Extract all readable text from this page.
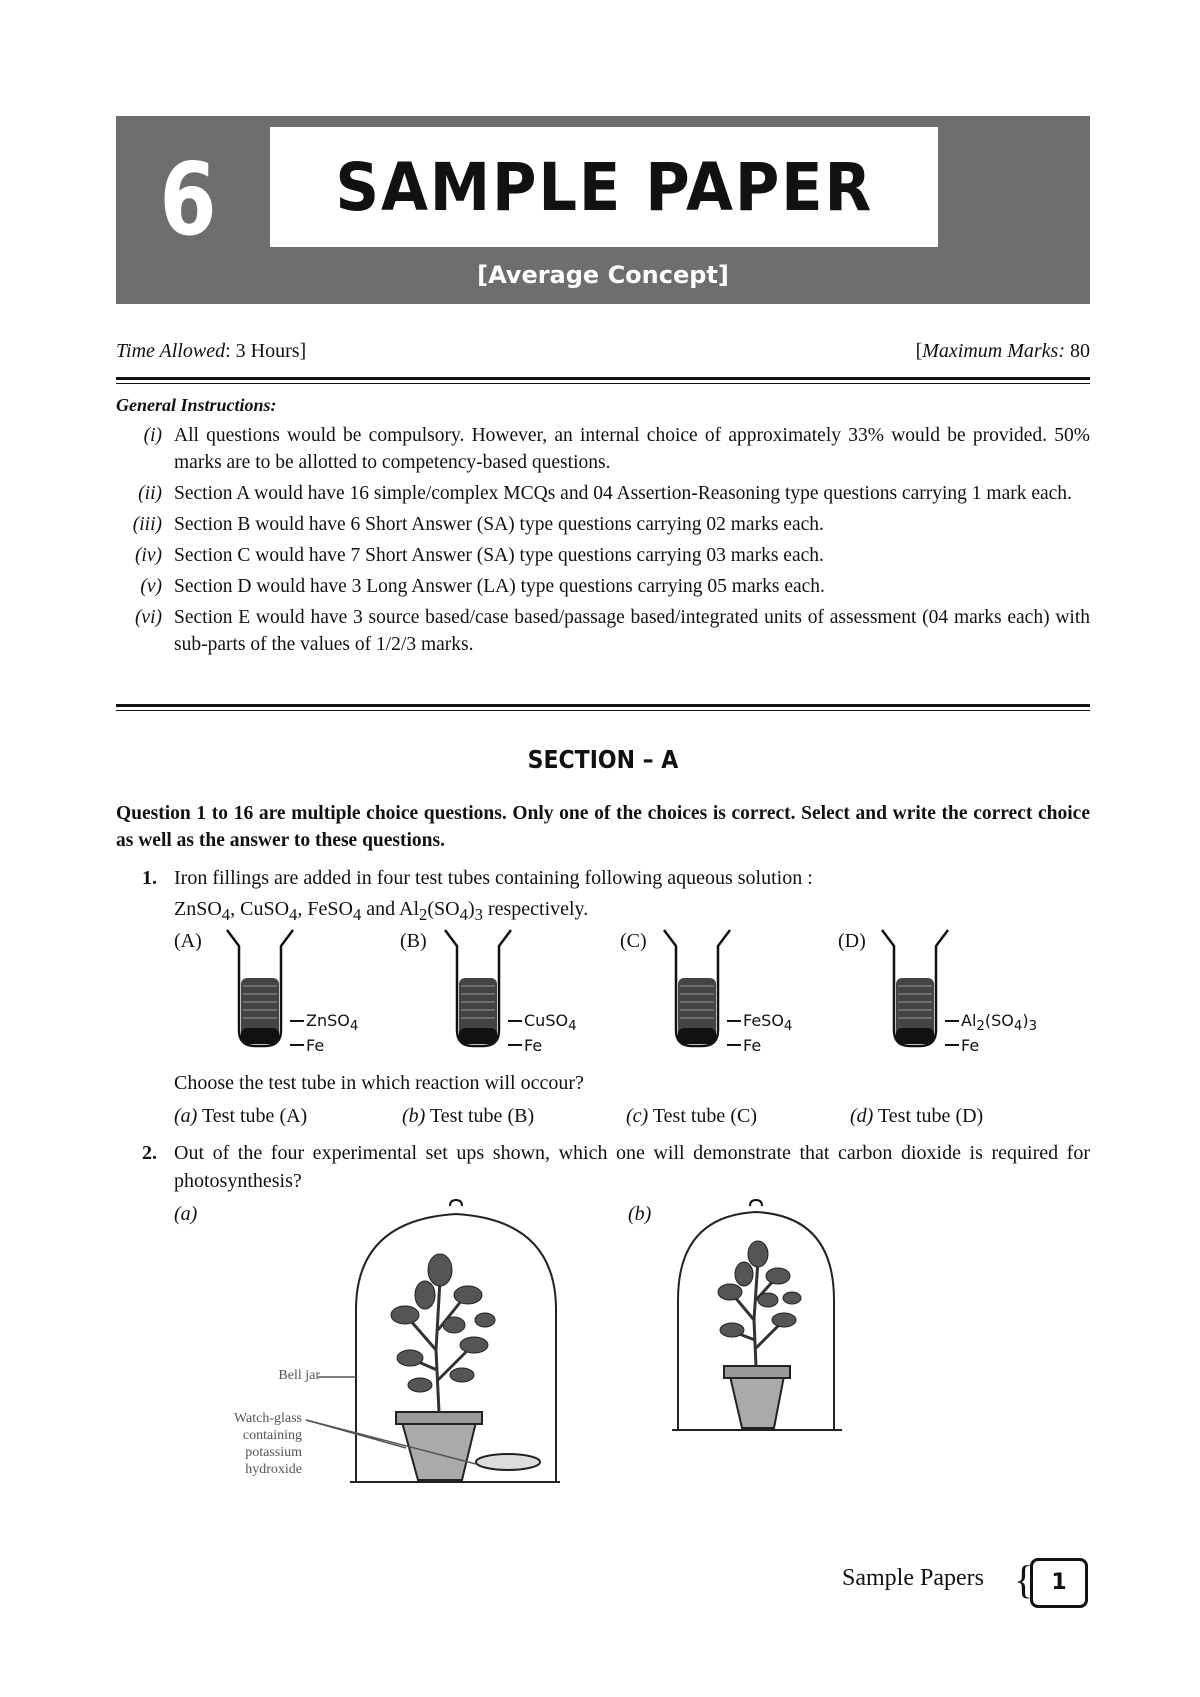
6 SAMPLE PAPER
[Average Concept]
Time Allowed: 3 Hours]	[Maximum Marks: 80
General Instructions:
(i) All questions would be compulsory. However, an internal choice of approximately 33% would be provided. 50% marks are to be allotted to competency-based questions.
(ii) Section A would have 16 simple/complex MCQs and 04 Assertion-Reasoning type questions carrying 1 mark each.
(iii) Section B would have 6 Short Answer (SA) type questions carrying 02 marks each.
(iv) Section C would have 7 Short Answer (SA) type questions carrying 03 marks each.
(v) Section D would have 3 Long Answer (LA) type questions carrying 05 marks each.
(vi) Section E would have 3 source based/case based/passage based/integrated units of assessment (04 marks each) with sub-parts of the values of 1/2/3 marks.
SECTION – A
Question 1 to 16 are multiple choice questions. Only one of the choices is correct. Select and write the correct choice as well as the answer to these questions.
1. Iron fillings are added in four test tubes containing following aqueous solution :
ZnSO$_4$, CuSO$_4$, FeSO$_4$ and $Al_2(SO_4)_3$ respectively.
(A)
ZnSO$_4$
Fe
(B)
CuSO$_4$
Fe
(C)
FeSO$_4$
Fe
(D)
$Al_2(SO_4)_3$
Fe
Choose the test tube in which reaction will occour?
(a) Test tube (A)	(b) Test tube (B)	(c) Test tube (C)	(d) Test tube (D)
2. Out of the four experimental set ups shown, which one will demonstrate that carbon dioxide is required for photosynthesis?
(a)	(b)
Bell jar
Watch-glass
containing
potassium
hydroxide
Sample Papers { 1
